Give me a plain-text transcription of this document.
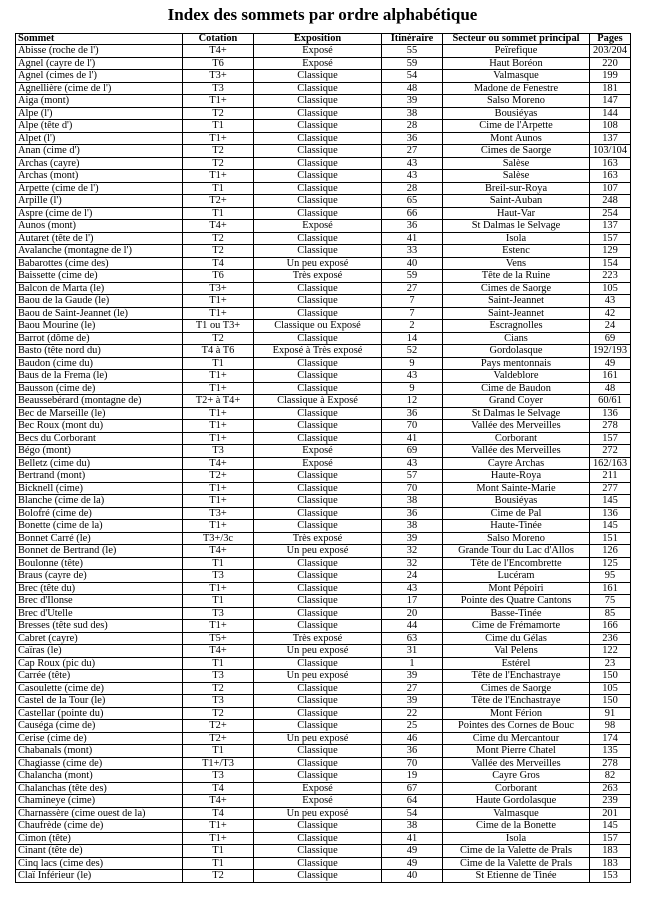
Index des sommets par ordre alphabétique
Sommet	Cotation	Exposition	Itinéraire	Secteur ou sommet principal	Pages
Abisse (roche de l')	T4+	Exposé	55	Peïrefique	203/204
Agnel (cayre de l')	T6	Exposé	59	Haut Boréon	220
Agnel (cimes de l')	T3+	Classique	54	Valmasque	199
Agnellière (cime de l')	T3	Classique	48	Madone de Fenestre	181
Aiga (mont)	T1+	Classique	39	Salso Moreno	147
Alpe (l')	T2	Classique	38	Bousiéyas	144
Alpe (tête d')	T1	Classique	28	Cime de l'Arpette	108
Alpet (l')	T1+	Classique	36	Mont Aunos	137
Anan (cime d')	T2	Classique	27	Cimes de Saorge	103/104
Archas (cayre)	T2	Classique	43	Salèse	163
Archas (mont)	T1+	Classique	43	Salèse	163
Arpette (cime de l')	T1	Classique	28	Breil-sur-Roya	107
Arpille (l')	T2+	Classique	65	Saint-Auban	248
Aspre (cime de l')	T1	Classique	66	Haut-Var	254
Aunos (mont)	T4+	Exposé	36	St Dalmas le Selvage	137
Autaret (tête de l')	T2	Classique	41	Isola	157
Avalanche (montagne de l')	T2	Classique	33	Estenc	129
Babarottes (cime des)	T4	Un peu exposé	40	Vens	154
Baissette (cime de)	T6	Très exposé	59	Tête de la Ruine	223
Balcon de Marta (le)	T3+	Classique	27	Cimes de Saorge	105
Baou de la Gaude (le)	T1+	Classique	7	Saint-Jeannet	43
Baou de Saint-Jeannet (le)	T1+	Classique	7	Saint-Jeannet	42
Baou Mourine (le)	T1 ou T3+	Classique ou Exposé	2	Escragnolles	24
Barrot (dôme de)	T2	Classique	14	Cians	69
Basto (tête nord du)	T4 à T6	Exposé à Très exposé	52	Gordolasque	192/193
Baudon (cime du)	T1	Classique	9	Pays mentonnais	49
Baus de la Frema (le)	T1+	Classique	43	Valdeblore	161
Bausson (cime de)	T1+	Classique	9	Cime de Baudon	48
Beaussebérard (montagne de)	T2+ à T4+	Classique à Exposé	12	Grand Coyer	60/61
Bec de Marseille (le)	T1+	Classique	36	St Dalmas le Selvage	136
Bec Roux (mont du)	T1+	Classique	70	Vallée des Merveilles	278
Becs du Corborant	T1+	Classique	41	Corborant	157
Bégo (mont)	T3	Exposé	69	Vallée des Merveilles	272
Belletz (cime du)	T4+	Exposé	43	Cayre Archas	162/163
Bertrand (mont)	T2+	Classique	57	Haute-Roya	211
Bicknell (cime)	T1+	Classique	70	Mont Sainte-Marie	277
Blanche (cime de la)	T1+	Classique	38	Bousiéyas	145
Bolofré (cime de)	T3+	Classique	36	Cime de Pal	136
Bonette (cime de la)	T1+	Classique	38	Haute-Tinée	145
Bonnet Carré (le)	T3+/3c	Très exposé	39	Salso Moreno	151
Bonnet de Bertrand (le)	T4+	Un peu exposé	32	Grande Tour du Lac d'Allos	126
Boulonne (tête)	T1	Classique	32	Tête de l'Encombrette	125
Braus (cayre de)	T3	Classique	24	Lucéram	95
Brec (tête du)	T1+	Classique	43	Mont Pépoiri	161
Brec d'Ilonse	T1	Classique	17	Pointe des Quatre Cantons	75
Brec d'Utelle	T3	Classique	20	Basse-Tinée	85
Bresses (tête sud des)	T1+	Classique	44	Cime de Frémamorte	166
Cabret (cayre)	T5+	Très exposé	63	Cime du Gélas	236
Caïras (le)	T4+	Un peu exposé	31	Val Pelens	122
Cap Roux (pic du)	T1	Classique	1	Estérel	23
Carrée (tête)	T3	Un peu exposé	39	Tête de l'Enchastraye	150
Casoulette (cime de)	T2	Classique	27	Cimes de Saorge	105
Castel de la Tour (le)	T3	Classique	39	Tête de l'Enchastraye	150
Castellar (pointe du)	T2	Classique	22	Mont Férion	91
Causéga (cime de)	T2+	Classique	25	Pointes des Cornes de Bouc	98
Cerise (cime de)	T2+	Un peu exposé	46	Cime du Mercantour	174
Chabanals (mont)	T1	Classique	36	Mont Pierre Chatel	135
Chagiasse (cime de)	T1+/T3	Classique	70	Vallée des Merveilles	278
Chalancha (mont)	T3	Classique	19	Cayre Gros	82
Chalanchas (tête des)	T4	Exposé	67	Corborant	263
Chamineye (cime)	T4+	Exposé	64	Haute Gordolasque	239
Charnassère (cime ouest de la)	T4	Un peu exposé	54	Valmasque	201
Chaufrède (cime de)	T1+	Classique	38	Cime de la Bonette	145
Cimon (tête)	T1+	Classique	41	Isola	157
Cinant (tête de)	T1	Classique	49	Cime de la Valette de Prals	183
Cinq lacs (cime des)	T1	Classique	49	Cime de la Valette de Prals	183
Claï Inférieur (le)	T2	Classique	40	St Etienne de Tinée	153
